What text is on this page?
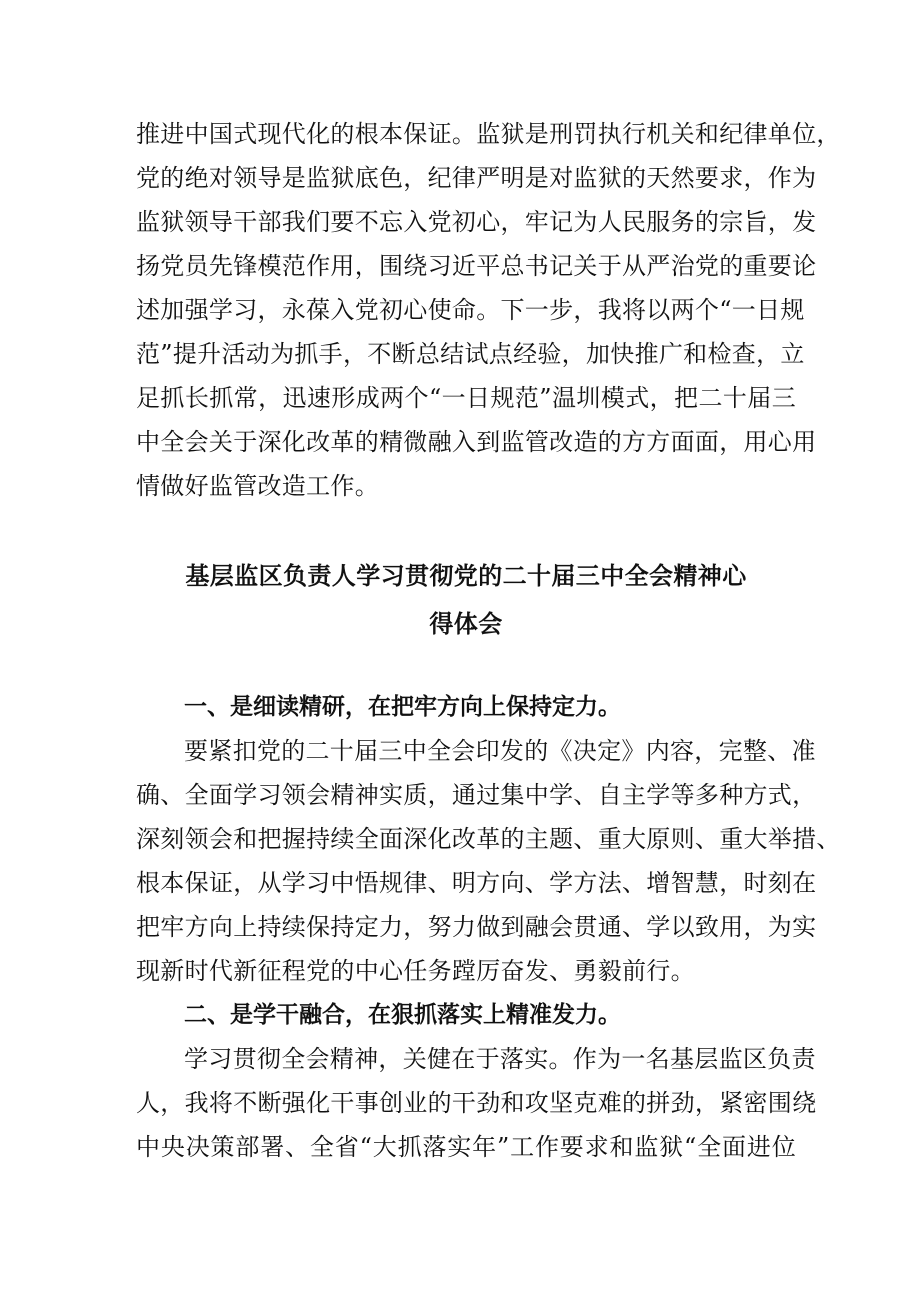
推进中国式现代化的根本保证。监狱是刑罚执行机关和纪律单位，
党的绝对领导是监狱底色，纪律严明是对监狱的天然要求，作为
监狱领导干部我们要不忘入党初心，牢记为人民服务的宗旨，发
扬党员先锋模范作用，围绕习近平总书记关于从严治党的重要论
述加强学习，永葆入党初心使命。下一步，我将以两个“一日规
范”提升活动为抓手，不断总结试点经验，加快推广和检查，立
足抓长抓常，迅速形成两个“一日规范”温圳模式，把二十届三
中全会关于深化改革的精微融入到监管改造的方方面面，用心用
情做好监管改造工作。
基层监区负责人学习贯彻党的二十届三中全会精神心
得体会
一、是细读精研，在把牢方向上保持定力。
要紧扣党的二十届三中全会印发的《决定》内容，完整、准
确、全面学习领会精神实质，通过集中学、自主学等多种方式，
深刻领会和把握持续全面深化改革的主题、重大原则、重大举措、
根本保证，从学习中悟规律、明方向、学方法、增智慧，时刻在
把牢方向上持续保持定力，努力做到融会贯通、学以致用，为实
现新时代新征程党的中心任务蹚厉奋发、勇毅前行。
二、是学干融合，在狠抓落实上精准发力。
学习贯彻全会精神，关健在于落实。作为一名基层监区负责
人，我将不断强化干事创业的干劲和攻坚克难的拼劲，紧密围绕
中央决策部署、全省“大抓落实年”工作要求和监狱“全面进位
